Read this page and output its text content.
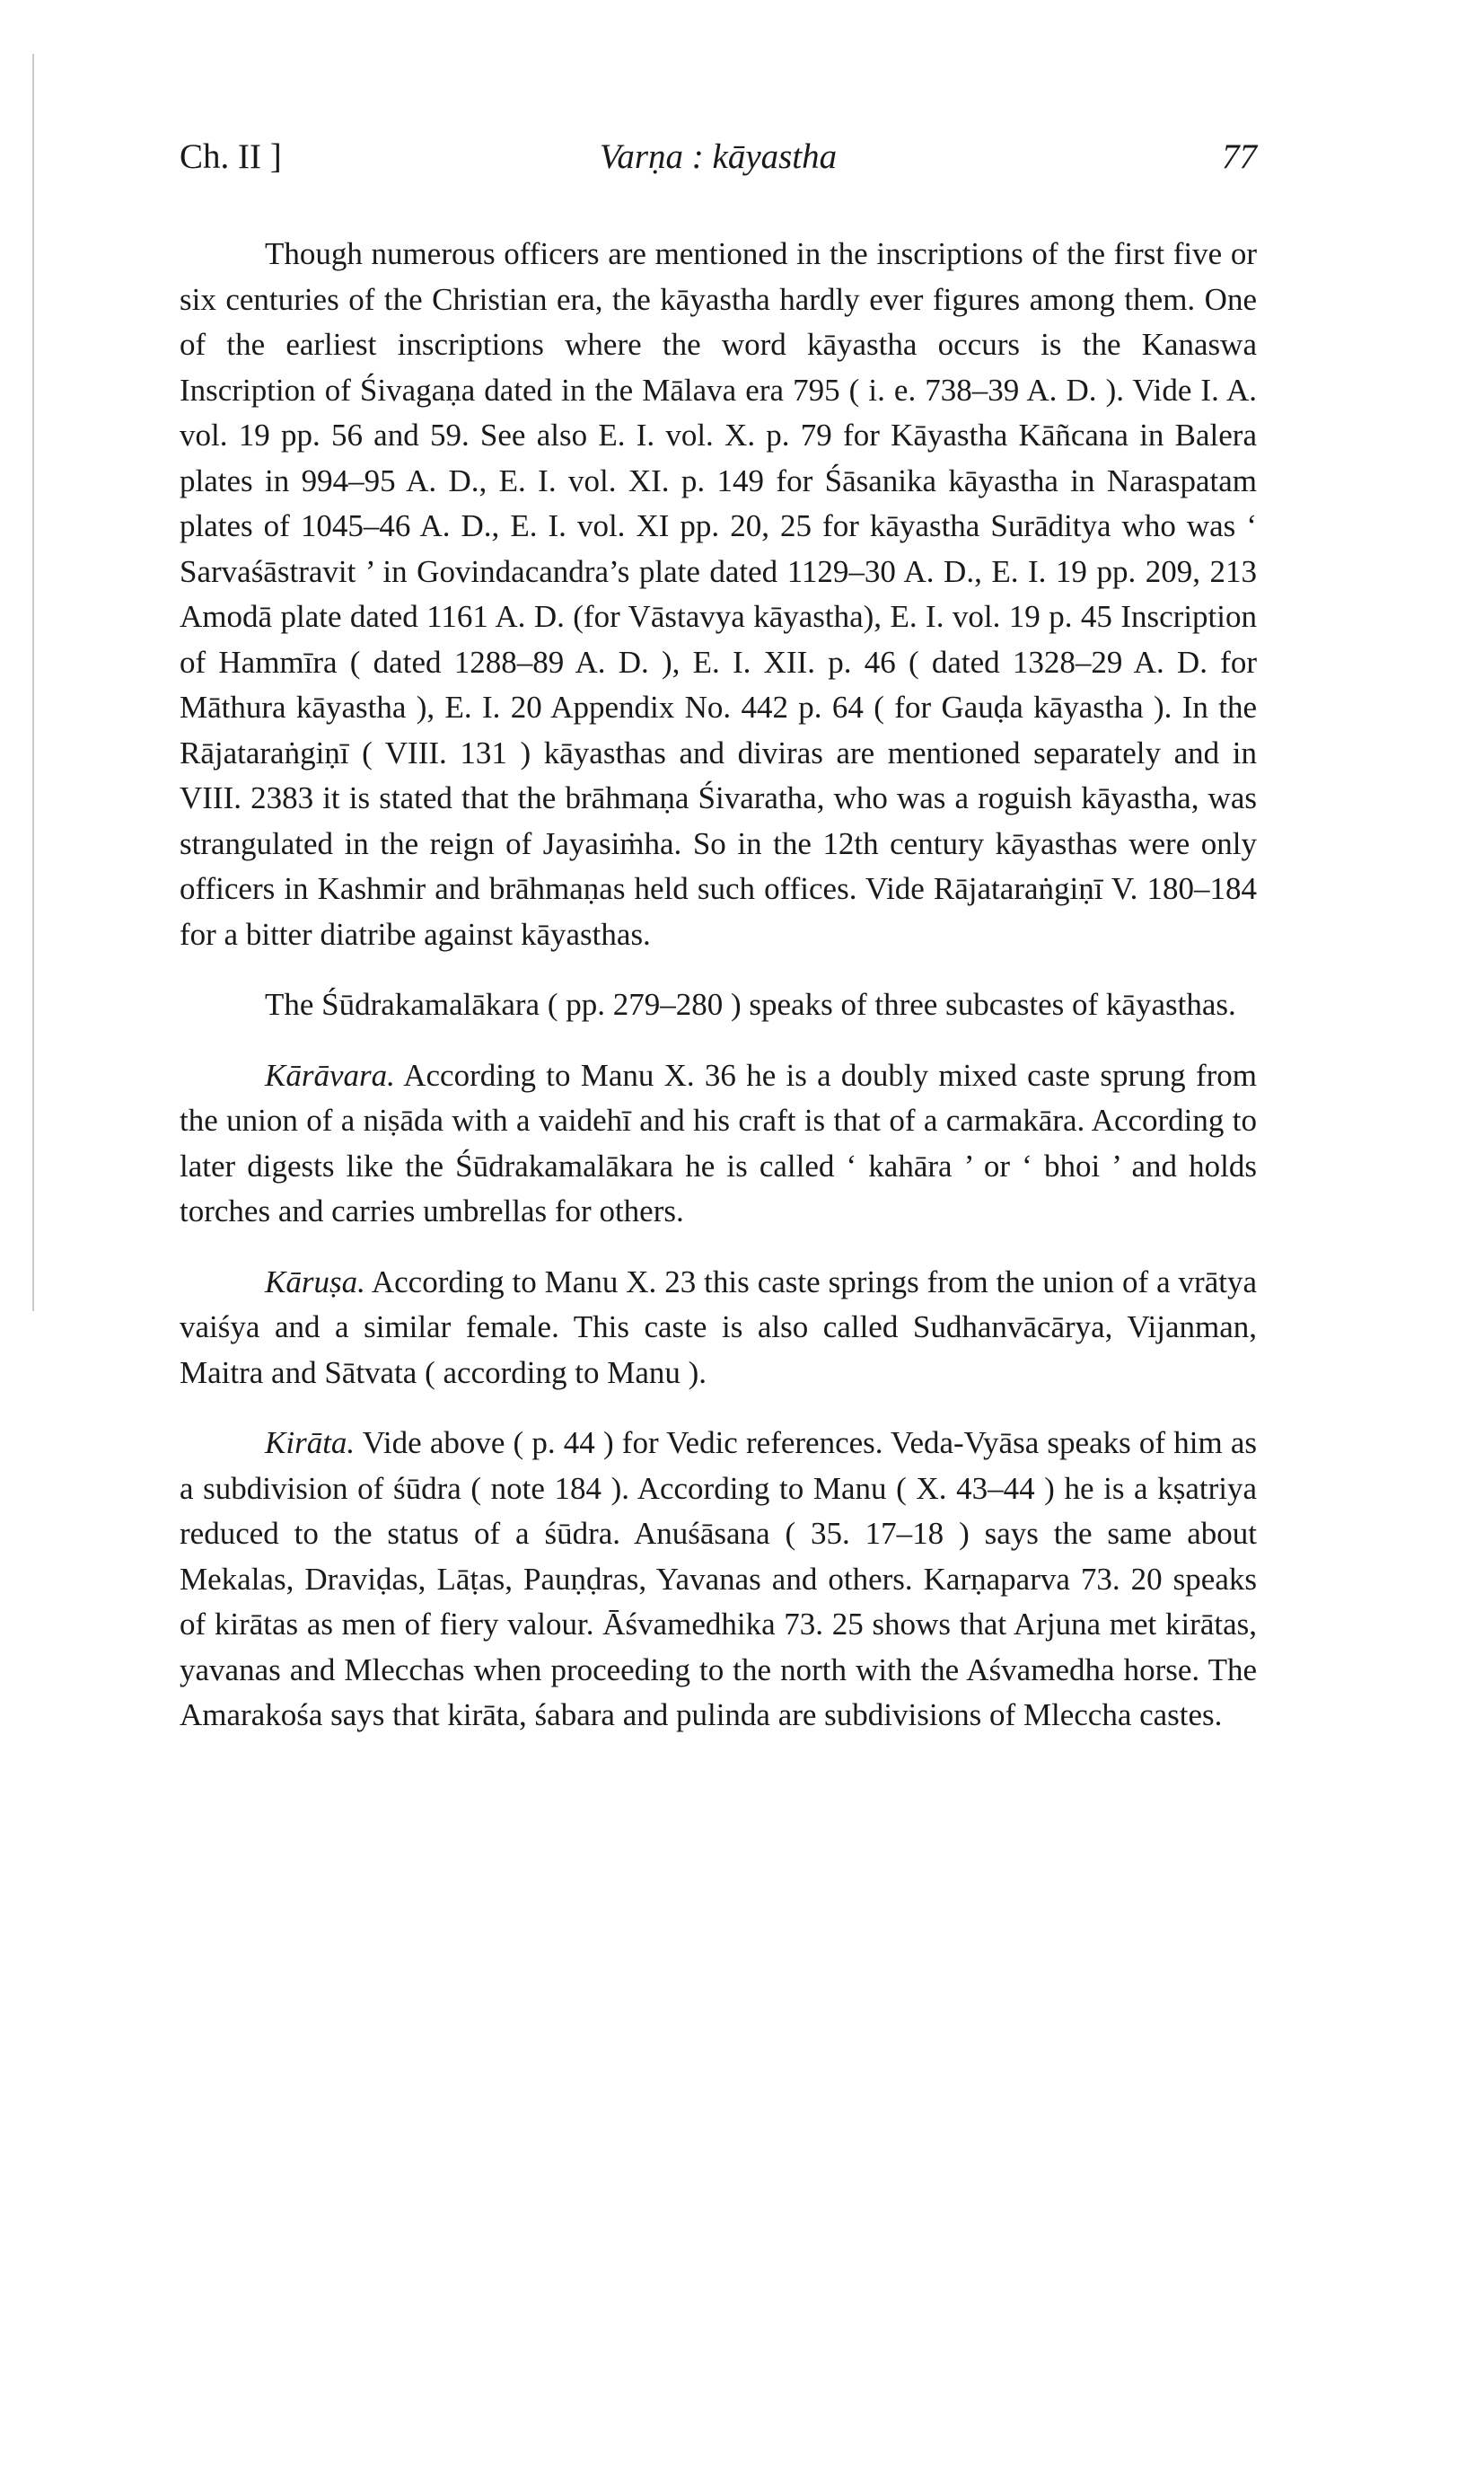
Ch. II ]	Varṇa : kāyastha	77

Though numerous officers are mentioned in the inscriptions of the first five or six centuries of the Christian era, the kāyastha hardly ever figures among them. One of the earliest inscriptions where the word kāyastha occurs is the Kanaswa Inscription of Śivagaṇa dated in the Mālava era 795 ( i. e. 738–39 A. D. ). Vide I. A. vol. 19 pp. 56 and 59. See also E. I. vol. X. p. 79 for Kāyastha Kāñcana in Balera plates in 994–95 A. D., E. I. vol. XI. p. 149 for Śāsanika kāyastha in Naraspatam plates of 1045–46 A. D., E. I. vol. XI pp. 20, 25 for kāyastha Surāditya who was ‘ Sarvaśāstravit ’ in Govindacandra’s plate dated 1129–30 A. D., E. I. 19 pp. 209, 213 Amodā plate dated 1161 A. D. (for Vāstavya kāyastha), E. I. vol. 19 p. 45 Inscription of Hammīra ( dated 1288–89 A. D. ), E. I. XII. p. 46 ( dated 1328–29 A. D. for Māthura kāyastha ), E. I. 20 Appendix No. 442 p. 64 ( for Gauḍa kāyastha ). In the Rājataraṅgiṇī ( VIII. 131 ) kāyasthas and diviras are mentioned separately and in VIII. 2383 it is stated that the brāhmaṇa Śivaratha, who was a roguish kāyastha, was strangulated in the reign of Jayasiṁha. So in the 12th century kāyasthas were only officers in Kashmir and brāhmaṇas held such offices. Vide Rājataraṅgiṇī V. 180–184 for a bitter diatribe against kāyasthas.

The Śūdrakamalākara ( pp. 279–280 ) speaks of three subcastes of kāyasthas.

Kārāvara. According to Manu X. 36 he is a doubly mixed caste sprung from the union of a niṣāda with a vaidehī and his craft is that of a carmakāra. According to later digests like the Śūdrakamalākara he is called ‘ kahāra ’ or ‘ bhoi ’ and holds torches and carries umbrellas for others.

Kāruṣa. According to Manu X. 23 this caste springs from the union of a vrātya vaiśya and a similar female. This caste is also called Sudhanvācārya, Vijanman, Maitra and Sātvata ( according to Manu ).

Kirāta. Vide above ( p. 44 ) for Vedic references. Veda-Vyāsa speaks of him as a subdivision of śūdra ( note 184 ). According to Manu ( X. 43–44 ) he is a kṣatriya reduced to the status of a śūdra. Anuśāsana ( 35. 17–18 ) says the same about Mekalas, Draviḍas, Lāṭas, Pauṇḍras, Yavanas and others. Karṇaparva 73. 20 speaks of kirātas as men of fiery valour. Āśvamedhika 73. 25 shows that Arjuna met kirātas, yavanas and Mlecchas when proceeding to the north with the Aśvamedha horse. The Amarakośa says that kirāta, śabara and pulinda are subdivisions of Mleccha castes.
